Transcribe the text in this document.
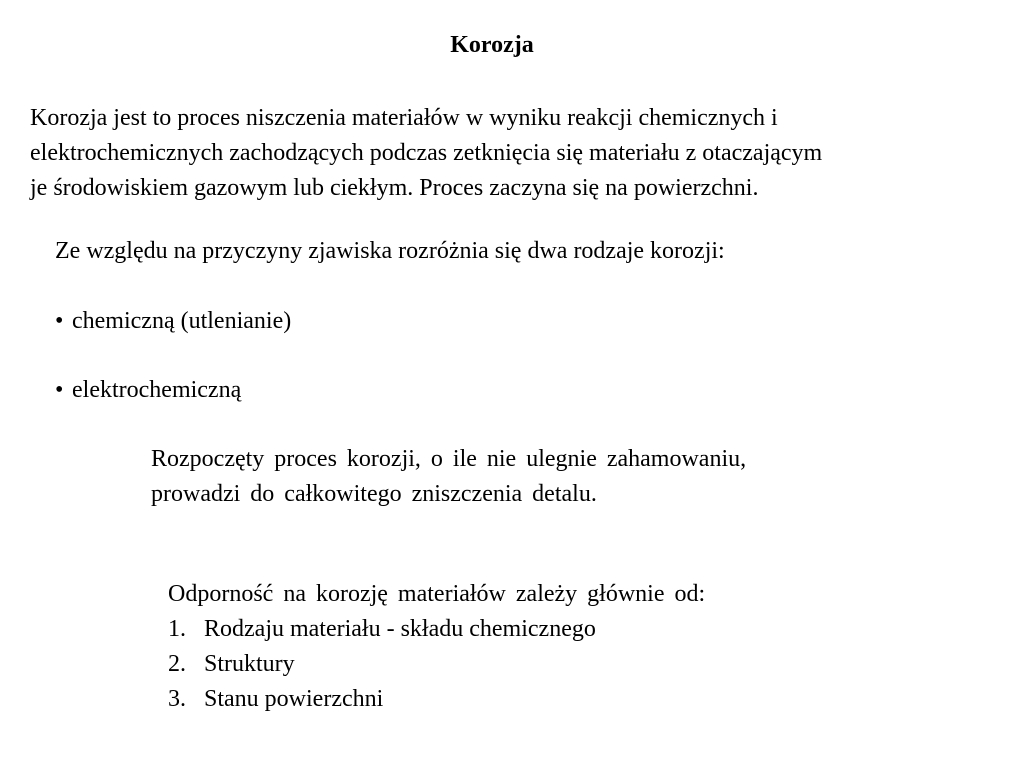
Korozja

Korozja jest to proces niszczenia materiałów w wyniku reakcji chemicznych i
elektrochemicznych zachodzących podczas zetknięcia się materiału z otaczającym
je środowiskiem gazowym lub ciekłym. Proces zaczyna się na powierzchni.

Ze względu na przyczyny zjawiska rozróżnia się dwa rodzaje korozji:

• chemiczną (utlenianie)
• elektrochemiczną

Rozpoczęty proces korozji, o ile nie ulegnie zahamowaniu,
prowadzi do całkowitego zniszczenia detalu.

Odporność na korozję materiałów zależy głównie od:
1. Rodzaju materiału - składu chemicznego
2. Struktury
3. Stanu powierzchni
